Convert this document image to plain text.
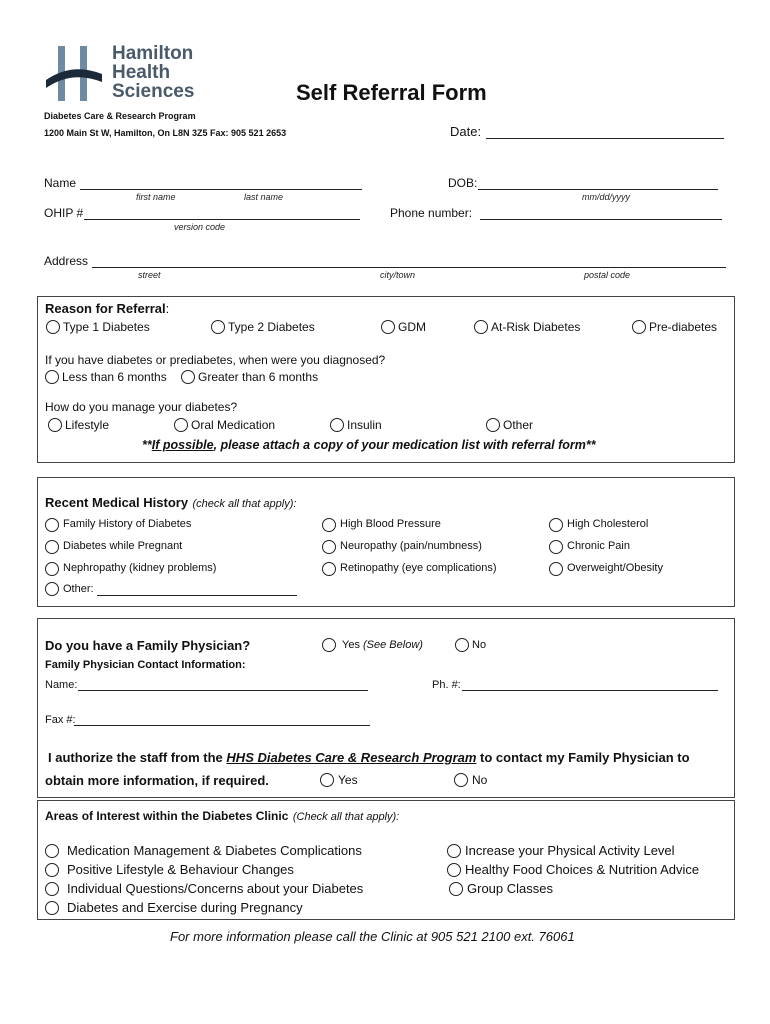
Hamilton
Health
Sciences	Self Referral Form
Diabetes Care & Research Program
1200 Main St W, Hamilton, On L8N 3Z5 Fax: 905 521 2653	Date:
Name
first name	last name
DOB:
mm/dd/yyyy
OHIP #
version code
Phone number:
Address
street	city/town	postal code
Reason for Referral:
Type 1 Diabetes	Type 2 Diabetes	GDM	At-Risk Diabetes	Pre-diabetes
If you have diabetes or prediabetes, when were you diagnosed?
Less than 6 months	Greater than 6 months
How do you manage your diabetes?
Lifestyle	Oral Medication	Insulin	Other
**If possible, please attach a copy of your medication list with referral form**
Recent Medical History (check all that apply):
Family History of Diabetes
Diabetes while Pregnant
Nephropathy (kidney problems)
Other:
High Blood Pressure
Neuropathy (pain/numbness)
Retinopathy (eye complications)
High Cholesterol
Chronic Pain
Overweight/Obesity
Do you have a Family Physician?	Yes (See Below)	No
Family Physician Contact Information:
Name:	Ph. #:
Fax #:
I authorize the staff from the HHS Diabetes Care & Research Program to contact my Family Physician to
obtain more information, if required.	Yes	No
Areas of Interest within the Diabetes Clinic (Check all that apply):
Medication Management & Diabetes Complications
Positive Lifestyle & Behaviour Changes
Individual Questions/Concerns about your Diabetes
Diabetes and Exercise during Pregnancy
Increase your Physical Activity Level
Healthy Food Choices & Nutrition Advice
Group Classes
For more information please call the Clinic at 905 521 2100 ext. 76061
